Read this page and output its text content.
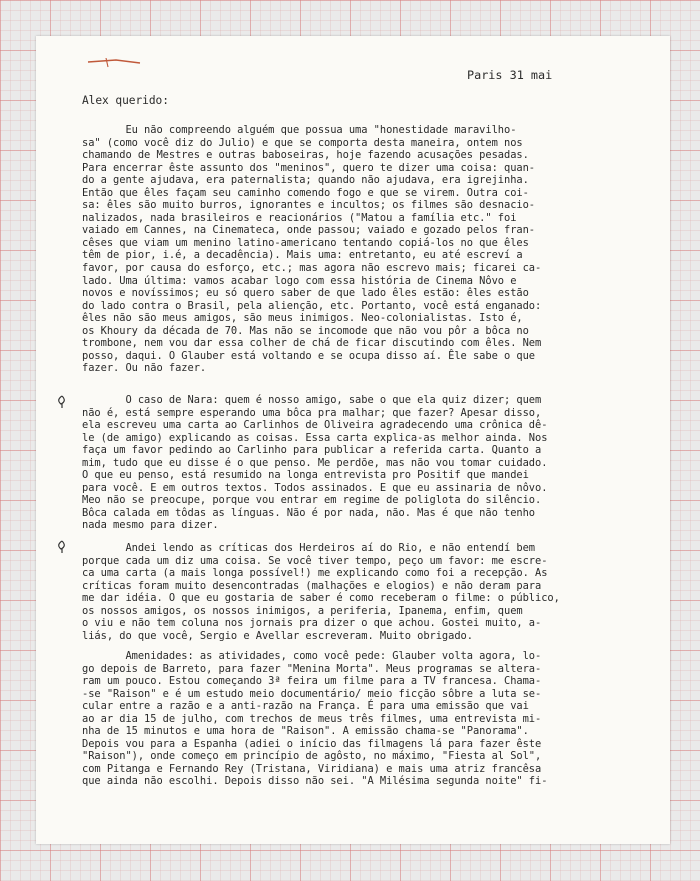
Paris 31 mai
Alex querido:
Eu não compreendo alguém que possua uma "honestidade maravilho-
sa" (como você diz do Julio) e que se comporta desta maneira, ontem nos
chamando de Mestres e outras baboseiras, hoje fazendo acusações pesadas.
Para encerrar êste assunto dos "meninos", quero te dizer uma coisa: quan-
do a gente ajudava, era paternalista; quando não ajudava, era igrejinha.
Então que êles façam seu caminho comendo fogo e que se virem. Outra coi-
sa: êles são muito burros, ignorantes e incultos; os filmes são desnacio-
nalizados, nada brasileiros e reacionários ("Matou a família etc." foi
vaiado em Cannes, na Cinemateca, onde passou; vaiado e gozado pelos fran-
cêses que viam um menino latino-americano tentando copiá-los no que êles
têm de pior, i.é, a decadência). Mais uma: entretanto, eu até escreví a
favor, por causa do esforço, etc.; mas agora não escrevo mais; ficarei ca-
lado. Uma última: vamos acabar logo com essa história de Cinema Nôvo e
novos e novíssimos; eu só quero saber de que lado êles estão: êles estão
do lado contra o Brasil, pela alienção, etc. Portanto, você está enganado:
êles não são meus amigos, são meus inimigos. Neo-colonialistas. Isto é,
os Khoury da década de 70. Mas não se incomode que não vou pôr a bôca no
trombone, nem vou dar essa colher de chá de ficar discutindo com êles. Nem
posso, daqui. O Glauber está voltando e se ocupa disso aí. Êle sabe o que
fazer. Ou não fazer.
O caso de Nara: quem é nosso amigo, sabe o que ela quiz dizer; quem
não é, está sempre esperando uma bôca pra malhar; que fazer? Apesar disso,
ela escreveu uma carta ao Carlinhos de Oliveira agradecendo uma crônica dê-
le (de amigo) explicando as coisas. Essa carta explica-as melhor ainda. Nos
faça um favor pedindo ao Carlinho para publicar a referida carta. Quanto a
mim, tudo que eu disse é o que penso. Me perdõe, mas não vou tomar cuidado.
O que eu penso, está resumido na longa entrevista pro Positif que mandei
para você. E em outros textos. Todos assinados. E que eu assinaria de nôvo.
Meo não se preocupe, porque vou entrar em regime de poliglota do silêncio.
Bôca calada em tôdas as línguas. Não é por nada, não. Mas é que não tenho
nada mesmo para dizer.
Andei lendo as críticas dos Herdeiros aí do Rio, e não entendí bem
porque cada um diz uma coisa. Se você tiver tempo, peço um favor: me escre-
ca uma carta (a mais longa possível!) me explicando como foi a recepção. As
críticas foram muito desencontradas (malhações e elogios) e não deram para
me dar idéia. O que eu gostaria de saber é como receberam o filme: o público,
os nossos amigos, os nossos inimigos, a periferia, Ipanema, enfim, quem
o viu e não tem coluna nos jornais pra dizer o que achou. Gostei muito, a-
liás, do que você, Sergio e Avellar escreveram. Muito obrigado.
Amenidades: as atividades, como você pede: Glauber volta agora, lo-
go depois de Barreto, para fazer "Menina Morta". Meus programas se altera-
ram um pouco. Estou começando 3ª feira um filme para a TV francesa. Chama-
-se "Raison" e é um estudo meio documentário/ meio ficção sôbre a luta se-
cular entre a razão e a anti-razão na França. É para uma emissão que vai
ao ar dia 15 de julho, com trechos de meus três filmes, uma entrevista mi-
nha de 15 minutos e uma hora de "Raison". A emissão chama-se "Panorama".
Depois vou para a Espanha (adiei o início das filmagens lá para fazer êste
"Raison"), onde começo em princípio de agôsto, no máximo, "Fiesta al Sol",
com Pitanga e Fernando Rey (Tristana, Viridiana) e mais uma atriz francêsa
que ainda não escolhi. Depois disso não sei. "A Milésima segunda noite" fi-
